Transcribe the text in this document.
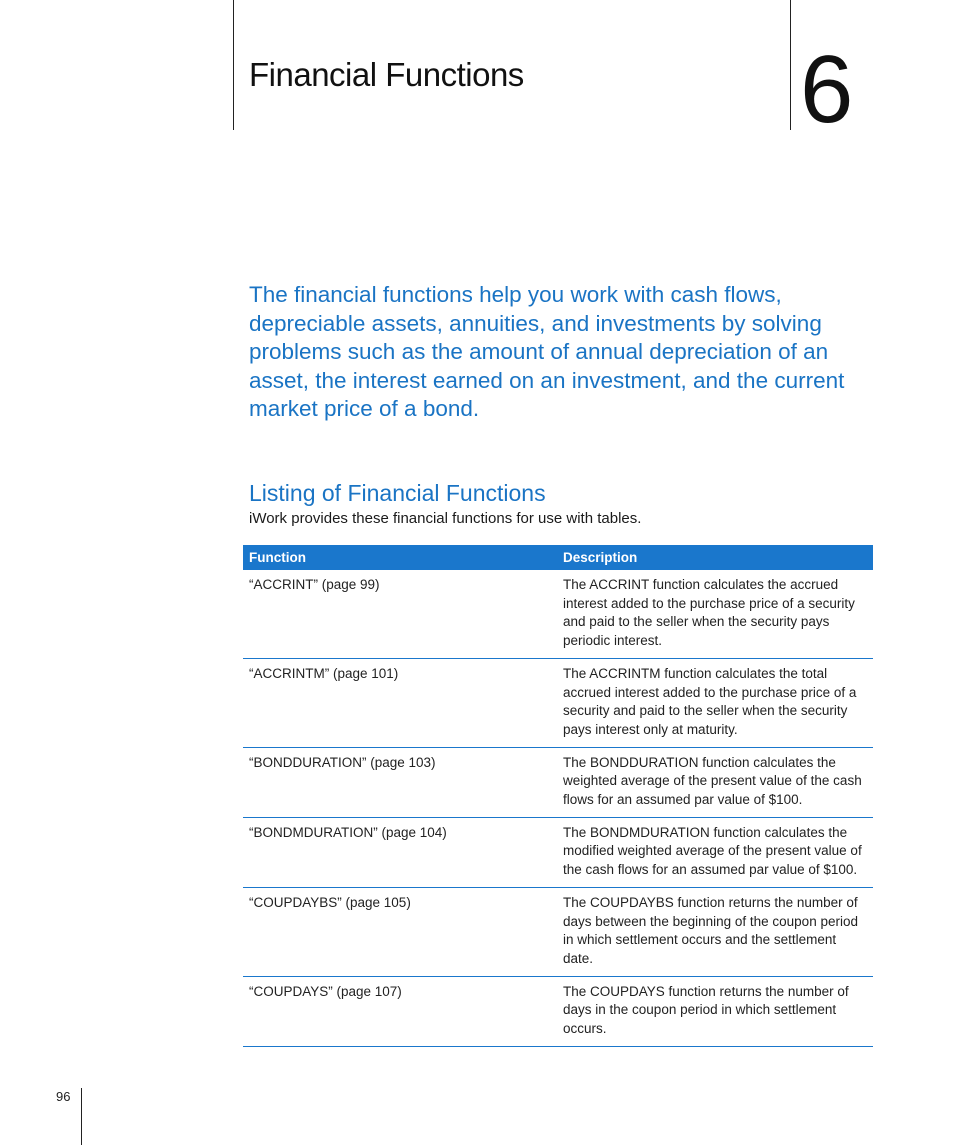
Financial Functions	6

The financial functions help you work with cash flows, depreciable assets, annuities, and investments by solving problems such as the amount of annual depreciation of an asset, the interest earned on an investment, and the current market price of a bond.

Listing of Financial Functions

iWork provides these financial functions for use with tables.

Function	Description
“ACCRINT” (page 99)	The ACCRINT function calculates the accrued interest added to the purchase price of a security and paid to the seller when the security pays periodic interest.
“ACCRINTM” (page 101)	The ACCRINTM function calculates the total accrued interest added to the purchase price of a security and paid to the seller when the security pays interest only at maturity.
“BONDDURATION” (page 103)	The BONDDURATION function calculates the weighted average of the present value of the cash flows for an assumed par value of $100.
“BONDMDURATION” (page 104)	The BONDMDURATION function calculates the modified weighted average of the present value of the cash flows for an assumed par value of $100.
“COUPDAYBS” (page 105)	The COUPDAYBS function returns the number of days between the beginning of the coupon period in which settlement occurs and the settlement date.
“COUPDAYS” (page 107)	The COUPDAYS function returns the number of days in the coupon period in which settlement occurs.
96
